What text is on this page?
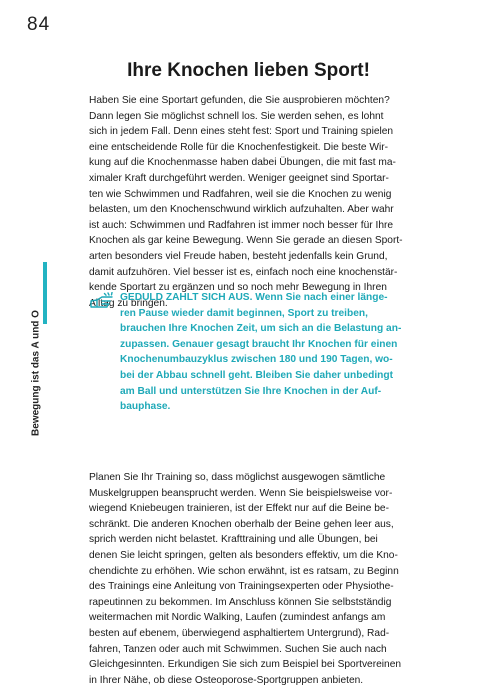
84
Bewegung ist das A und O
Ihre Knochen lieben Sport!
Haben Sie eine Sportart gefunden, die Sie ausprobieren möchten?
Dann legen Sie möglichst schnell los. Sie werden sehen, es lohnt
sich in jedem Fall. Denn eines steht fest: Sport und Training spielen
eine entscheidende Rolle für die Knochenfestigkeit. Die beste Wir-
kung auf die Knochenmasse haben dabei Übungen, die mit fast ma-
ximaler Kraft durchgeführt werden. Weniger geeignet sind Sportar-
ten wie Schwimmen und Radfahren, weil sie die Knochen zu wenig
belasten, um den Knochenschwund wirklich aufzuhalten. Aber wahr
ist auch: Schwimmen und Radfahren ist immer noch besser für Ihre
Knochen als gar keine Bewegung. Wenn Sie gerade an diesen Sport-
arten besonders viel Freude haben, besteht jedenfalls kein Grund,
damit aufzuhören. Viel besser ist es, einfach noch eine knochenstär-
kende Sportart zu ergänzen und so noch mehr Bewegung in Ihren
Alltag zu bringen.
GEDULD ZAHLT SICH AUS. Wenn Sie nach einer länge-
ren Pause wieder damit beginnen, Sport zu treiben,
brauchen Ihre Knochen Zeit, um sich an die Belastung an-
zupassen. Genauer gesagt braucht Ihr Knochen für einen
Knochenumbauzyklus zwischen 180 und 190 Tagen, wo-
bei der Abbau schnell geht. Bleiben Sie daher unbedingt
am Ball und unterstützen Sie Ihre Knochen in der Auf-
bauphase.
Planen Sie Ihr Training so, dass möglichst ausgewogen sämtliche
Muskelgruppen beansprucht werden. Wenn Sie beispielsweise vor-
wiegend Kniebeugen trainieren, ist der Effekt nur auf die Beine be-
schränkt. Die anderen Knochen oberhalb der Beine gehen leer aus,
sprich werden nicht belastet. Krafttraining und alle Übungen, bei
denen Sie leicht springen, gelten als besonders effektiv, um die Kno-
chendichte zu erhöhen. Wie schon erwähnt, ist es ratsam, zu Beginn
des Trainings eine Anleitung von Trainingsexperten oder Physiothe-
rapeutinnen zu bekommen. Im Anschluss können Sie selbstständig
weitermachen mit Nordic Walking, Laufen (zumindest anfangs am
besten auf ebenem, überwiegend asphaltiertem Untergrund), Rad-
fahren, Tanzen oder auch mit Schwimmen. Suchen Sie auch nach
Gleichgesinnten. Erkundigen Sie sich zum Beispiel bei Sportvereinen
in Ihrer Nähe, ob diese Osteoporose-Sportgruppen anbieten.
